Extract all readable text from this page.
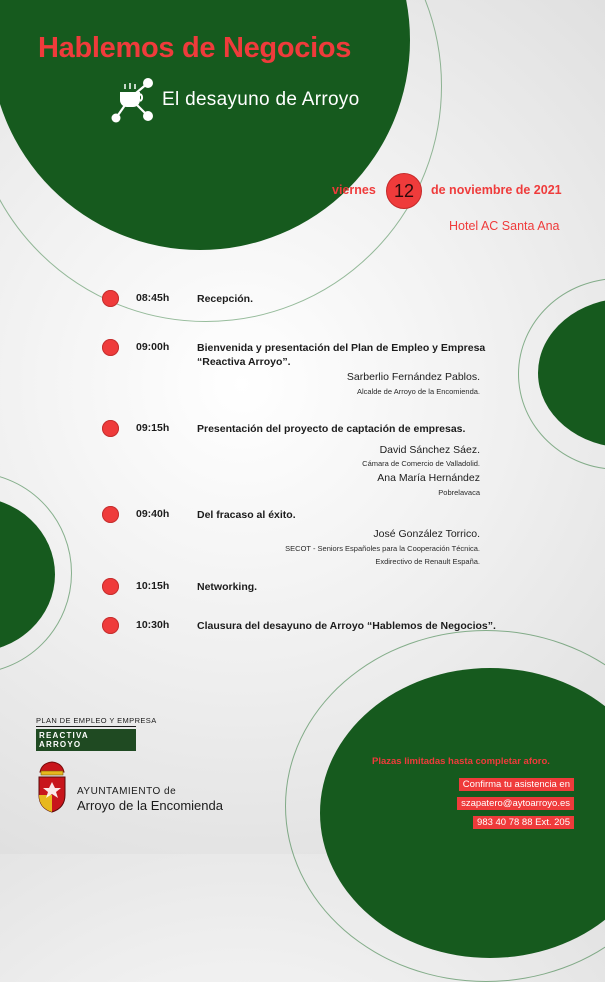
Hablemos de Negocios
El desayuno de Arroyo
viernes	12	de noviembre de 2021
Hotel AC Santa Ana
08:45h	Recepción.
09:00h	Bienvenida y presentación del Plan de Empleo y Empresa “Reactiva Arroyo”.
Sarberlio Fernández Pablos.
Alcalde de Arroyo de la Encomienda.
09:15h	Presentación del proyecto de captación de empresas.
David Sánchez Sáez.
Cámara de Comercio de Valladolid.
Ana María Hernández
Pobrelavaca
09:40h	Del fracaso al éxito.
José González Torrico.
SECOT - Seniors Españoles para la Cooperación Técnica.
Exdirectivo de Renault España.
10:15h	Networking.
10:30h	Clausura del desayuno de Arroyo “Hablemos de Negocios”.
PLAN DE EMPLEO Y EMPRESA
REACTIVA ARROYO
AYUNTAMIENTO de
Arroyo de la Encomienda
Plazas limitadas hasta completar aforo.
Confirma tu asistencia en
szapatero@aytoarroyo.es
983 40 78 88 Ext. 205
